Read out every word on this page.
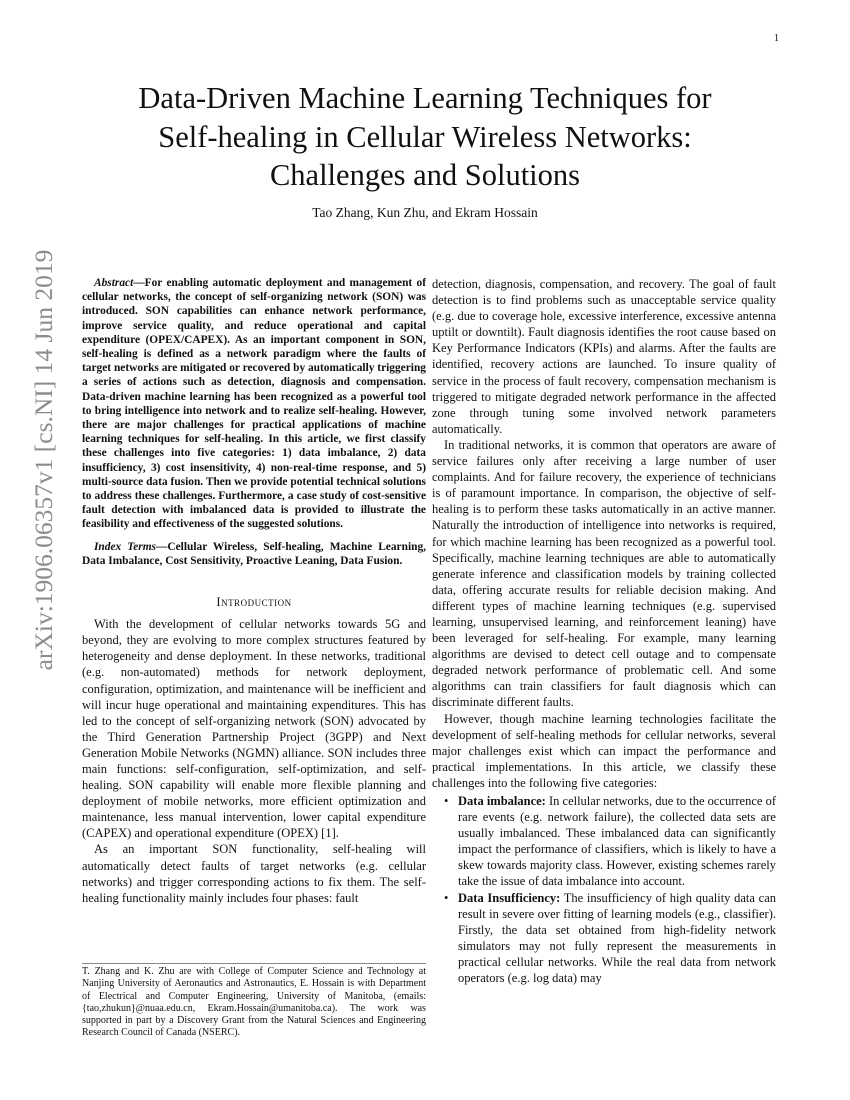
1
arXiv:1906.06357v1 [cs.NI] 14 Jun 2019
Data-Driven Machine Learning Techniques for
Self-healing in Cellular Wireless Networks:
Challenges and Solutions
Tao Zhang, Kun Zhu, and Ekram Hossain

Abstract—For enabling automatic deployment and management of cellular networks, the concept of self-organizing network (SON) was introduced. SON capabilities can enhance network performance, improve service quality, and reduce operational and capital expenditure (OPEX/CAPEX). As an important component in SON, self-healing is defined as a network paradigm where the faults of target networks are mitigated or recovered by automatically triggering a series of actions such as detection, diagnosis and compensation. Data-driven machine learning has been recognized as a powerful tool to bring intelligence into network and to realize self-healing. However, there are major challenges for practical applications of machine learning techniques for self-healing. In this article, we first classify these challenges into five categories: 1) data imbalance, 2) data insufficiency, 3) cost insensitivity, 4) non-real-time response, and 5) multi-source data fusion. Then we provide potential technical solutions to address these challenges. Furthermore, a case study of cost-sensitive fault detection with imbalanced data is provided to illustrate the feasibility and effectiveness of the suggested solutions.

Index Terms—Cellular Wireless, Self-healing, Machine Learning, Data Imbalance, Cost Sensitivity, Proactive Leaning, Data Fusion.

Introduction

With the development of cellular networks towards 5G and beyond, they are evolving to more complex structures featured by heterogeneity and dense deployment. In these networks, traditional (e.g. non-automated) methods for network deployment, configuration, optimization, and maintenance will be inefficient and will incur huge operational and maintaining expenditures. This has led to the concept of self-organizing network (SON) advocated by the Third Generation Partnership Project (3GPP) and Next Generation Mobile Networks (NGMN) alliance. SON includes three main functions: self-configuration, self-optimization, and self-healing. SON capability will enable more flexible planning and deployment of mobile networks, more efficient optimization and maintenance, less manual intervention, lower capital expenditure (CAPEX) and operational expenditure (OPEX) [1].

As an important SON functionality, self-healing will automatically detect faults of target networks (e.g. cellular networks) and trigger corresponding actions to fix them. The self-healing functionality mainly includes four phases: fault

T. Zhang and K. Zhu are with College of Computer Science and Technology at Nanjing University of Aeronautics and Astronautics, E. Hossain is with Department of Electrical and Computer Engineering, University of Manitoba, (emails: {tao,zhukun}@nuaa.edu.cn, Ekram.Hossain@umanitoba.ca). The work was supported in part by a Discovery Grant from the Natural Sciences and Engineering Research Council of Canada (NSERC).

detection, diagnosis, compensation, and recovery. The goal of fault detection is to find problems such as unacceptable service quality (e.g. due to coverage hole, excessive interference, excessive antenna uptilt or downtilt). Fault diagnosis identifies the root cause based on Key Performance Indicators (KPIs) and alarms. After the faults are identified, recovery actions are launched. To insure quality of service in the process of fault recovery, compensation mechanism is triggered to mitigate degraded network performance in the affected zone through tuning some involved network parameters automatically.

In traditional networks, it is common that operators are aware of service failures only after receiving a large number of user complaints. And for failure recovery, the experience of technicians is of paramount importance. In comparison, the objective of self-healing is to perform these tasks automatically in an active manner. Naturally the introduction of intelligence into networks is required, for which machine learning has been recognized as a powerful tool. Specifically, machine learning techniques are able to automatically generate inference and classification models by training collected data, offering accurate results for reliable decision making. And different types of machine learning techniques (e.g. supervised learning, unsupervised learning, and reinforcement leaning) have been leveraged for self-healing. For example, many learning algorithms are devised to detect cell outage and to compensate degraded network performance of problematic cell. And some algorithms can train classifiers for fault diagnosis which can discriminate different faults.

However, though machine learning technologies facilitate the development of self-healing methods for cellular networks, several major challenges exist which can impact the performance and practical implementations. In this article, we classify these challenges into the following five categories:

• Data imbalance: In cellular networks, due to the occurrence of rare events (e.g. network failure), the collected data sets are usually imbalanced. These imbalanced data can significantly impact the performance of classifiers, which is likely to have a skew towards majority class. However, existing schemes rarely take the issue of data imbalance into account.
• Data Insufficiency: The insufficiency of high quality data can result in severe over fitting of learning models (e.g., classifier). Firstly, the data set obtained from high-fidelity network simulators may not fully represent the measurements in practical cellular networks. While the real data from network operators (e.g. log data) may
